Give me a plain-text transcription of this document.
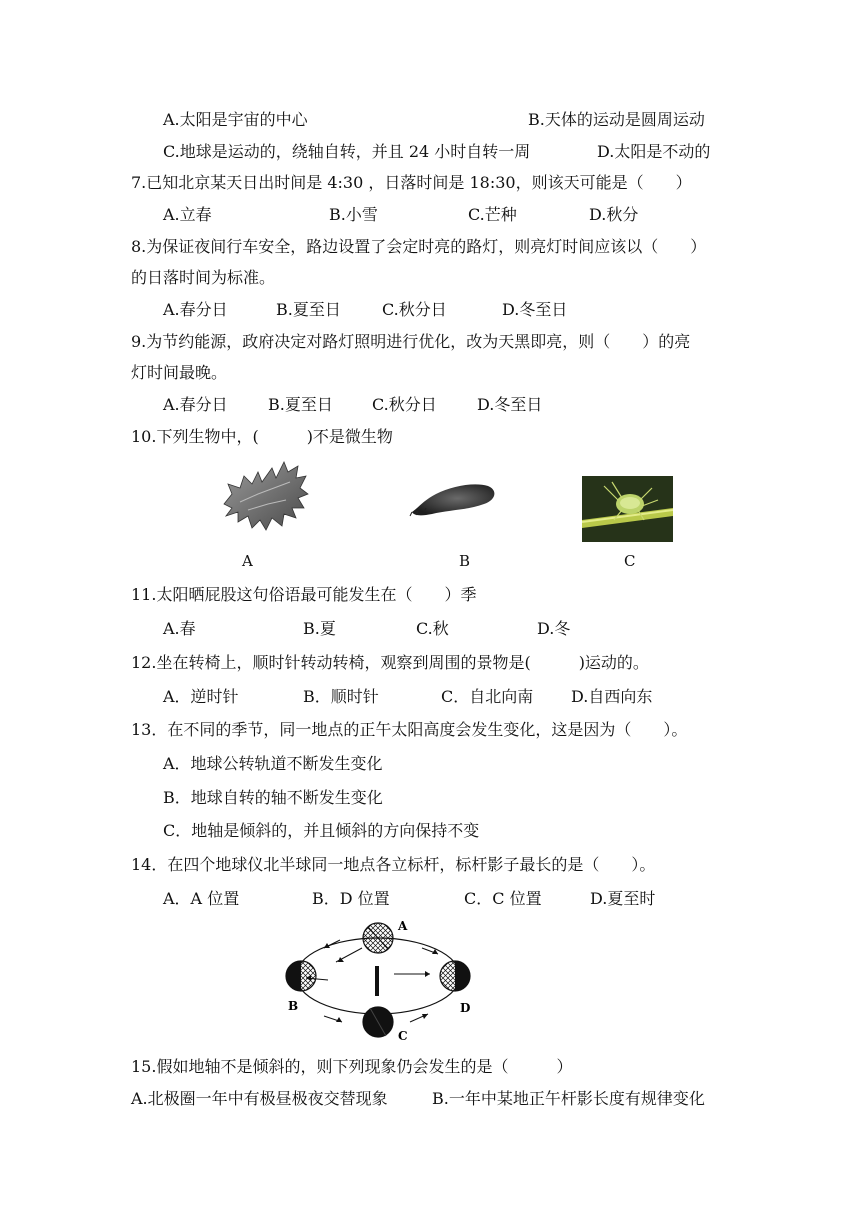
A.太阳是宇宙的中心	B.天体的运动是圆周运动
C.地球是运动的，绕轴自转，并且 24 小时自转一周	D.太阳是不动的
7.已知北京某天日出时间是 4:30 ，日落时间是 18:30，则该天可能是（　　）
A.立春	B.小雪	C.芒种	D.秋分
8.为保证夜间行车安全，路边设置了会定时亮的路灯，则亮灯时间应该以（　　）
的日落时间为标准。
A.春分日	B.夏至日	C.秋分日	D.冬至日
9.为节约能源，政府决定对路灯照明进行优化，改为天黑即亮，则（　　）的亮
灯时间最晚。
A.春分日	B.夏至日 C.秋分日	D.冬至日
10.下列生物中，(　　　)不是微生物
A	B	C
11.太阳晒屁股这句俗语最可能发生在（　　）季
A.春	B.夏	C.秋	D.冬
12.坐在转椅上，顺时针转动转椅，观察到周围的景物是(　　　)运动的。
A．逆时针	B．顺时针	C．自北向南 D.自西向东
13．在不同的季节，同一地点的正午太阳高度会发生变化，这是因为（　　）。
A．地球公转轨道不断发生变化
B．地球自转的轴不断发生变化
C．地轴是倾斜的，并且倾斜的方向保持不变
14．在四个地球仪北半球同一地点各立标杆，标杆影子最长的是（　　）。
A．A 位置	B．D 位置	C．C 位置	D.夏至时
A
B
C
D
15.假如地轴不是倾斜的，则下列现象仍会发生的是（　　　）
A.北极圈一年中有极昼极夜交替现象	B.一年中某地正午杆影长度有规律变化
